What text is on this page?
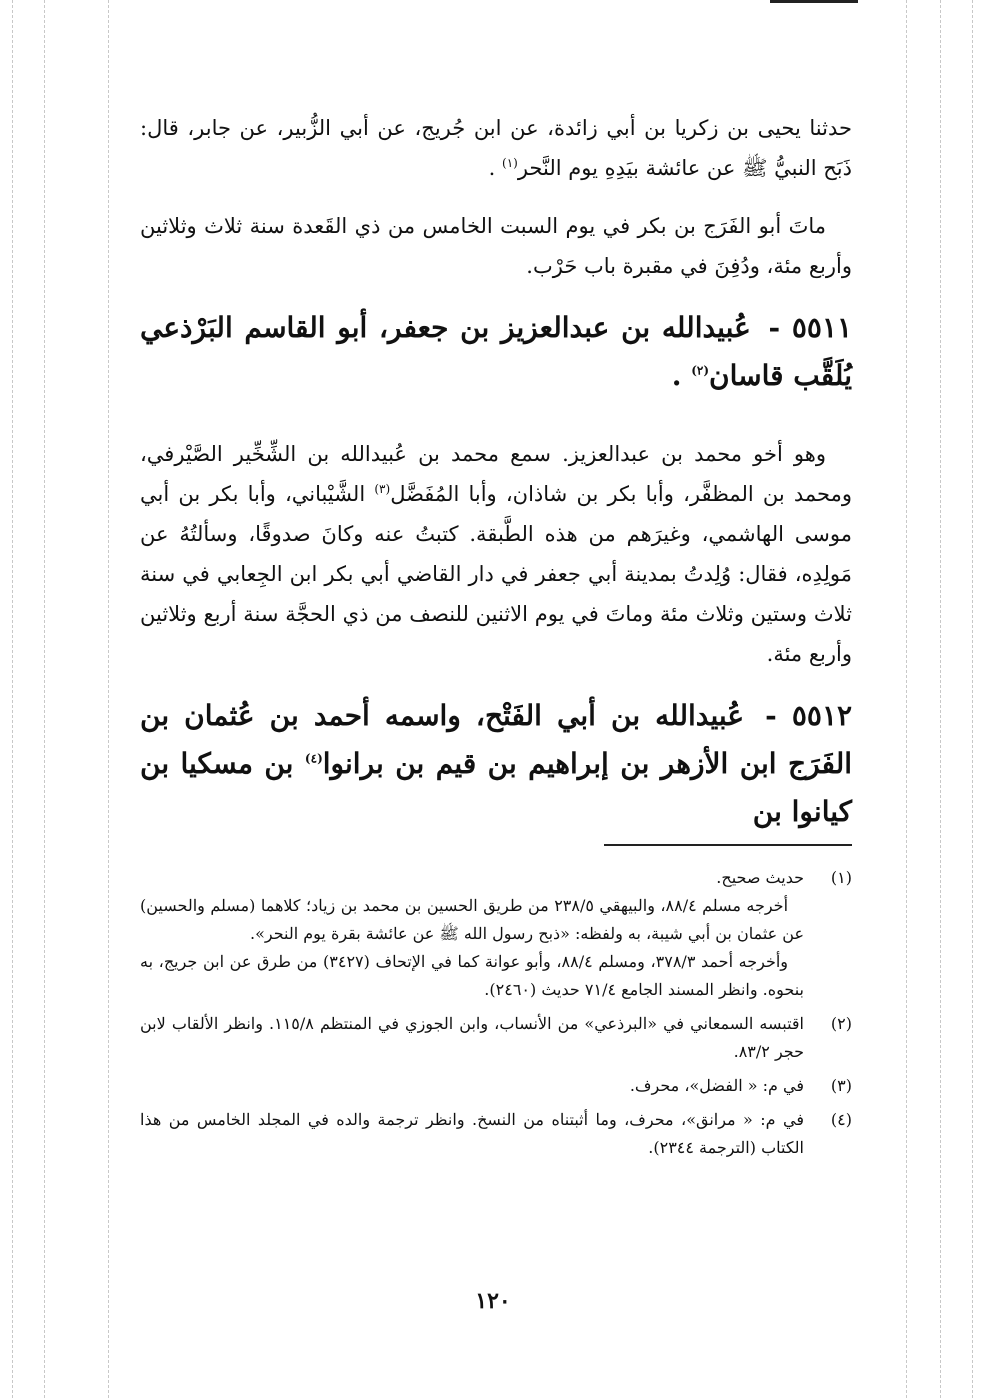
حدثنا يحيى بن زكريا بن أبي زائدة، عن ابن جُريج، عن أبي الزُّبير، عن جابر، قال: ذَبَح النبيُّ ﷺ عن عائشة بيَدِهِ يوم النَّحر$^{(١)}$ .

ماتَ أبو الفَرَج بن بكر في يوم السبت الخامس من ذي القَعدة سنة ثلاث وثلاثين وأربع مئة، ودُفِنَ في مقبرة باب حَرْب.

٥٥١١ - عُبيدالله بن عبدالعزيز بن جعفر، أبو القاسم البَرْذعي يُلَقَّب قاسان$^{(٢)}$ .

وهو أخو محمد بن عبدالعزيز. سمع محمد بن عُبيدالله بن الشِّخِّير الصَّيْرفي، ومحمد بن المظفَّر، وأبا بكر بن شاذان، وأبا المُفَضَّل$^{(٣)}$ الشَّيْباني، وأبا بكر بن أبي موسى الهاشمي، وغيرَهم من هذه الطَّبقة. كتبتُ عنه وكانَ صدوقًا، وسألتُهُ عن مَولِدِه، فقال: وُلِدتُ بمدينة أبي جعفر في دار القاضي أبي بكر ابن الجِعابي في سنة ثلاث وستين وثلاث مئة وماتَ في يوم الاثنين للنصف من ذي الحجَّة سنة أربع وثلاثين وأربع مئة.

٥٥١٢ - عُبيدالله بن أبي الفَتْح، واسمه أحمد بن عُثمان بن الفَرَج ابن الأزهر بن إبراهيم بن قيم بن برانوا$^{(٤)}$ بن مسكيا بن كيانوا بن
(١)

حديث صحيح.

أخرجه مسلم ٨٨/٤، والبيهقي ٢٣٨/٥ من طريق الحسين بن محمد بن زياد؛ كلاهما (مسلم والحسين) عن عثمان بن أبي شيبة، به ولفظه: «ذبح رسول الله ﷺ عن عائشة بقرة يوم النحر».

وأخرجه أحمد ٣٧٨/٣، ومسلم ٨٨/٤، وأبو عوانة كما في الإتحاف (٣٤٢٧) من طرق عن ابن جريج، به بنحوه. وانظر المسند الجامع ٧١/٤ حديث (٢٤٦٠).

(٢)

اقتبسه السمعاني في «البرذعي» من الأنساب، وابن الجوزي في المنتظم ١١٥/٨. وانظر الألقاب لابن حجر ٨٣/٢.

(٣)

في م: « الفضل»، محرف.

(٤)

في م: « مرانق»، محرف، وما أثبتناه من النسخ. وانظر ترجمة والده في المجلد الخامس من هذا الكتاب (الترجمة ٢٣٤٤).

١٢٠
